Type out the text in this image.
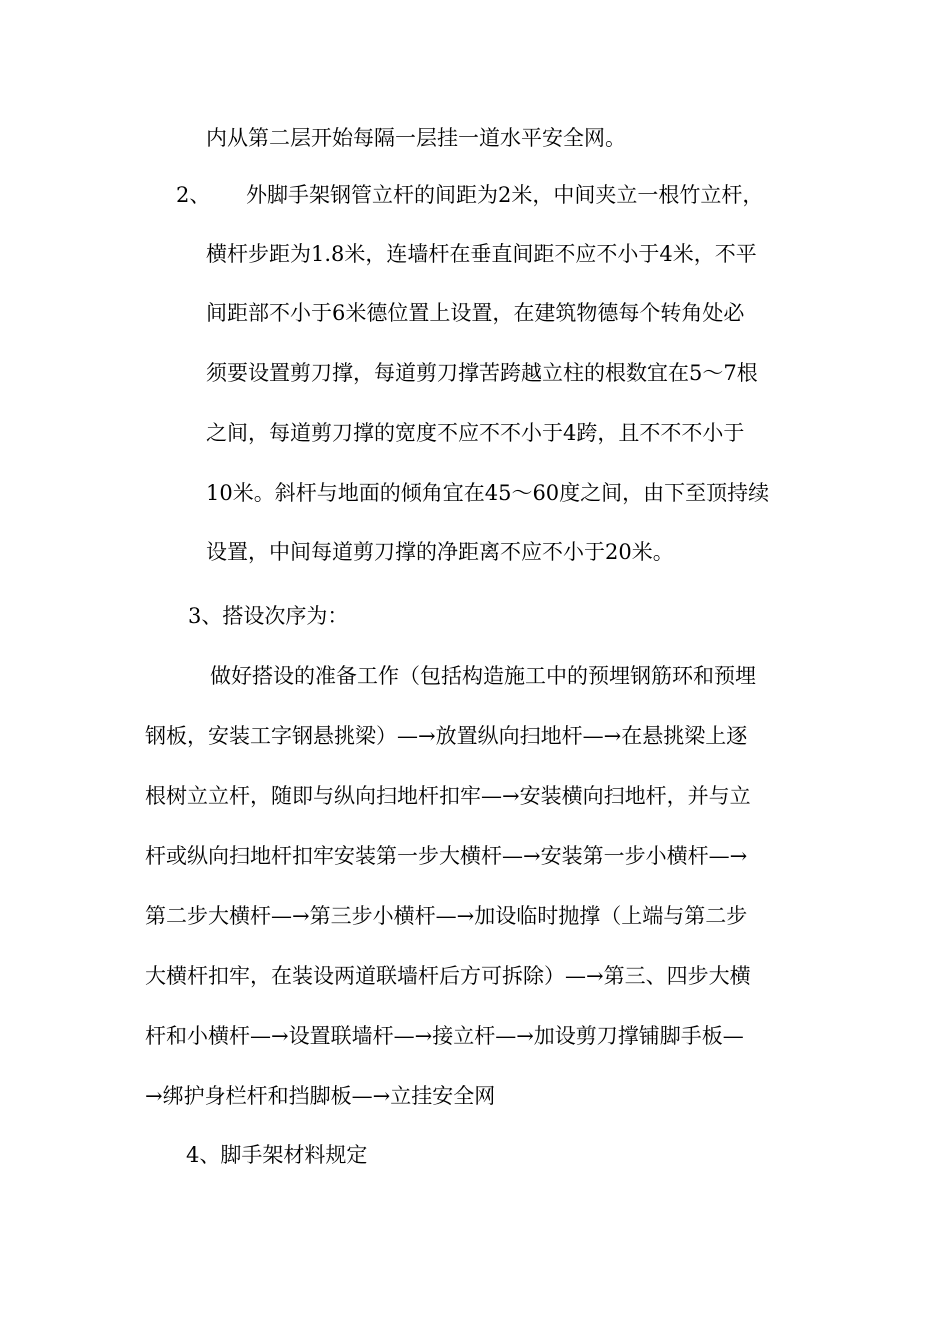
内从第二层开始每隔一层挂一道水平安全网。
2、 外脚手架钢管立杆的间距为2米，中间夹立一根竹立杆，
横杆步距为1.8米，连墙杆在垂直间距不应不小于4米，不平
间距部不小于6米德位置上设置，在建筑物德每个转角处必
须要设置剪刀撑，每道剪刀撑苦跨越立柱的根数宜在5～7根
之间，每道剪刀撑的宽度不应不不小于4跨，且不不不小于
10米。斜杆与地面的倾角宜在45～60度之间，由下至顶持续
设置，中间每道剪刀撑的净距离不应不小于20米。
3、搭设次序为：
做好搭设的准备工作（包括构造施工中的预埋钢筋环和预埋
钢板，安装工字钢悬挑梁）—→放置纵向扫地杆—→在悬挑梁上逐
根树立立杆，随即与纵向扫地杆扣牢—→安装横向扫地杆，并与立
杆或纵向扫地杆扣牢安装第一步大横杆—→安装第一步小横杆—→
第二步大横杆—→第三步小横杆—→加设临时抛撑（上端与第二步
大横杆扣牢，在装设两道联墙杆后方可拆除）—→第三、四步大横
杆和小横杆—→设置联墙杆—→接立杆—→加设剪刀撑铺脚手板—
→绑护身栏杆和挡脚板—→立挂安全网
4、脚手架材料规定
